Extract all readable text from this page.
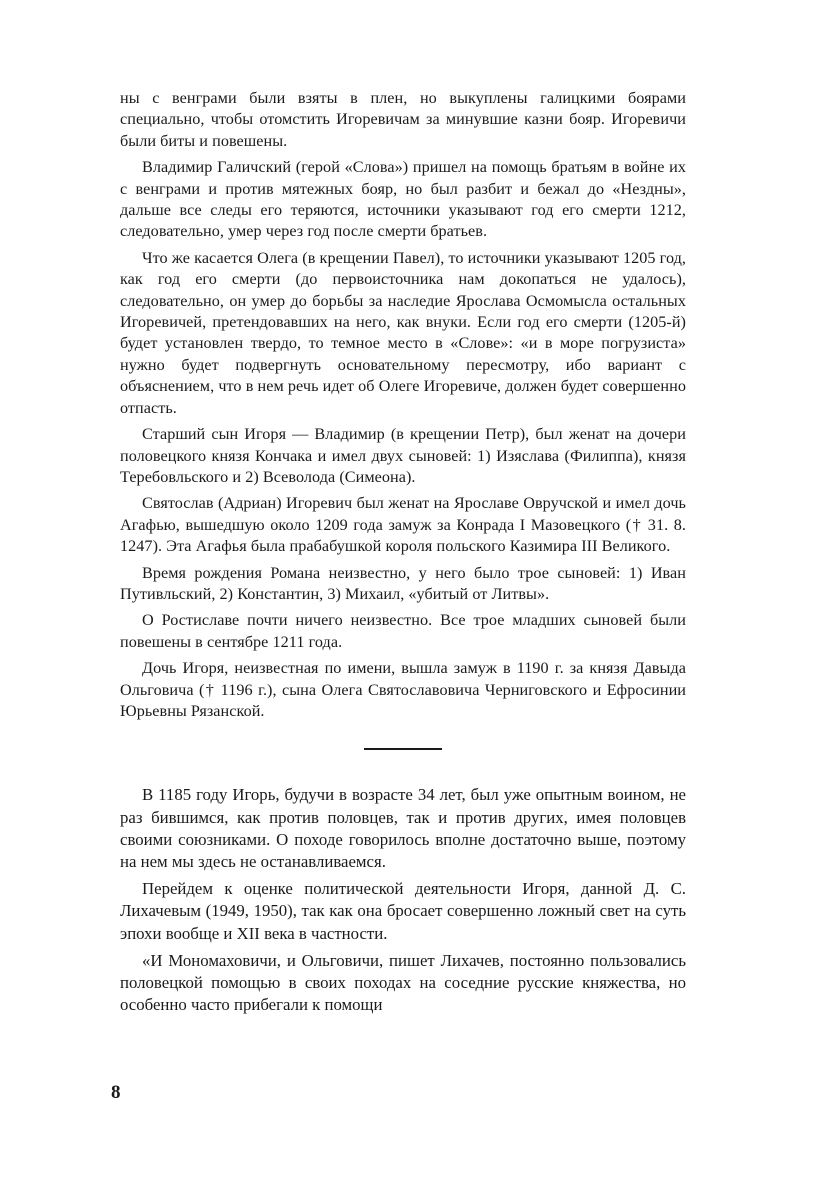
ны с венграми были взяты в плен, но выкуплены галицкими боярами специально, чтобы отомстить Игоревичам за минувшие казни бояр. Игоревичи были биты и повешены.

Владимир Галичский (герой «Слова») пришел на помощь братьям в войне их с венграми и против мятежных бояр, но был разбит и бежал до «Нездны», дальше все следы его теряются, источники указывают год его смерти 1212, следовательно, умер через год после смерти братьев.

Что же касается Олега (в крещении Павел), то источники указывают 1205 год, как год его смерти (до первоисточника нам докопаться не удалось), следовательно, он умер до борьбы за наследие Ярослава Осмомысла остальных Игоревичей, претендовавших на него, как внуки. Если год его смерти (1205-й) будет установлен твердо, то темное место в «Слове»: «и в море погрузиста» нужно будет подвергнуть основательному пересмотру, ибо вариант с объяснением, что в нем речь идет об Олеге Игоревиче, должен будет совершенно отпасть.

Старший сын Игоря — Владимир (в крещении Петр), был женат на дочери половецкого князя Кончака и имел двух сыновей: 1) Изяслава (Филиппа), князя Теребовльского и 2) Всеволода (Симеона).

Святослав (Адриан) Игоревич был женат на Ярославе Овручской и имел дочь Агафью, вышедшую около 1209 года замуж за Конрада I Мазовецкого († 31. 8. 1247). Эта Агафья была прабабушкой короля польского Казимира III Великого.

Время рождения Романа неизвестно, у него было трое сыновей: 1) Иван Путивльский, 2) Константин, 3) Михаил, «убитый от Литвы».

О Ростиславе почти ничего неизвестно. Все трое младших сыновей были повешены в сентябре 1211 года.

Дочь Игоря, неизвестная по имени, вышла замуж в 1190 г. за князя Давыда Ольговича († 1196 г.), сына Олега Святославовича Черниговского и Ефросинии Юрьевны Рязанской.

В 1185 году Игорь, будучи в возрасте 34 лет, был уже опытным воином, не раз бившимся, как против половцев, так и против других, имея половцев своими союзниками. О походе говорилось вполне достаточно выше, поэтому на нем мы здесь не останавливаемся.

Перейдем к оценке политической деятельности Игоря, данной Д. С. Лихачевым (1949, 1950), так как она бросает совершенно ложный свет на суть эпохи вообще и XII века в частности.

«И Мономаховичи, и Ольговичи, пишет Лихачев, постоянно пользовались половецкой помощью в своих походах на соседние русские княжества, но особенно часто прибегали к помощи

8
